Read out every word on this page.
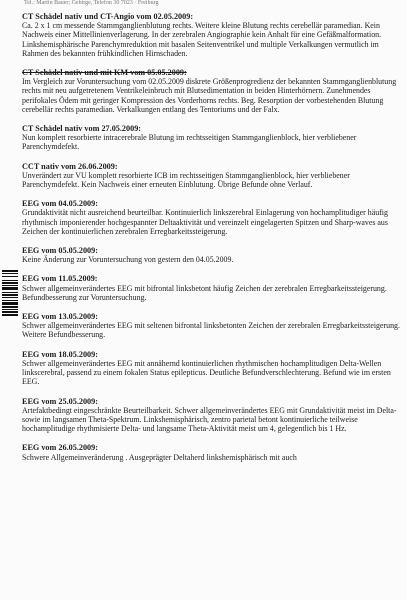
Tel.: Martin Bauer; Gebirge, Telefon 30 7023 · Freiburg
CT Schädel nativ und CT-Angio vom 02.05.2009:
Ca. 2 x 1 cm messende Stammganglienblutung rechts. Weitere kleine Blutung rechts cerebellär paramedian. Kein Nachweis einer Mittellinienverlagerung. In der zerebralen Angiographie kein Anhalt für eine Gefäßmalformation. Linkshemisphärische Parenchymreduktion mit basalen Seitenventrikel und multiple Verkalkungen vermutlich im Rahmen des bekannten frühkindlichen Hirnschaden.
CT Schädel nativ und mit KM vom 05.05.2009:
Im Vergleich zur Voruntersuchung vom 02.05.2009 diskrete Größenprogredienz der bekannten Stammganglienblutung rechts mit neu aufgetretenem Ventrikeleinbruch mit Blutsedimentation in beiden Hinterhörnern. Zunehmendes perifokales Ödem mit geringer Kompression des Vorderhorns rechts. Beg. Resorption der vorbestehenden Blutung cerebellär rechts paramedian. Verkalkungen entlang des Tentoriums und der Falx.
CT Schädel nativ vom 27.05.2009:
Nun komplett resorbierte intracerebrale Blutung im rechtsseitigen Stammganglienblock, hier verbliebener Parenchymdefekt.
CCT nativ vom 26.06.2009:
Unverändert zur VU komplett resorbierte ICB im rechtsseitigen Stammganglienblock, hier verbliebener Parenchymdefekt. Kein Nachweis einer erneuten Einblutung. Übrige Befunde ohne Verlauf.
EEG vom 04.05.2009:
Grundaktivität nicht ausreichend beurteilbar. Kontinuierlich linkszerebral Einlagerung von hochamplitudiger häufig rhythmisch imponierender hochgespannter Deltaaktivität und vereinzelt eingelagerten Spitzen und Sharp-waves aus Zeichen der kontinuierlichen zerebralen Erregbarkeitssteigerung.
EEG vom 05.05.2009:
Keine Änderung zur Voruntersuchung von gestern den 04.05.2009.
EEG vom 11.05.2009:
Schwer allgemeinverändertes EEG mit bifrontal linksbetont häufig Zeichen der zerebralen Erregbarkeitssteigerung. Befundbesserung zur Voruntersuchung.
EEG vom 13.05.2009:
Schwer allgemeinverändertes EEG mit seltenen bifrontal linksbetonten Zeichen der zerebralen Erregbarkeitssteigerung. Weitere Befundbesserung.
EEG vom 18.05.2009:
Schwer allgemeinverändertes EEG mit annähernd kontinuierlichen rhythmischen hochamplitudigen Delta-Wellen linkscerebral, passend zu einem fokalen Status epilepticus. Deutliche Befundverschlechterung. Befund wie im ersten EEG.
EEG vom 25.05.2009:
Artefaktbedingt eingeschränkte Beurteilbarkeit. Schwer allgemeinverändertes EEG mit Grundaktivität meist im Delta- sowie im langsamen Theta-Spektrum. Linkshemisphärisch, zentro parietal betont kontinuierliche teilweise hochamplitudige rhythmisierte Delta- und langsame Theta-Aktivität meist um 4, gelegentlich bis 1 Hz.
EEG vom 26.05.2009:
Schwere Allgemeinveränderung . Ausgeprägter Deltaherd linkshemisphärisch mit auch
